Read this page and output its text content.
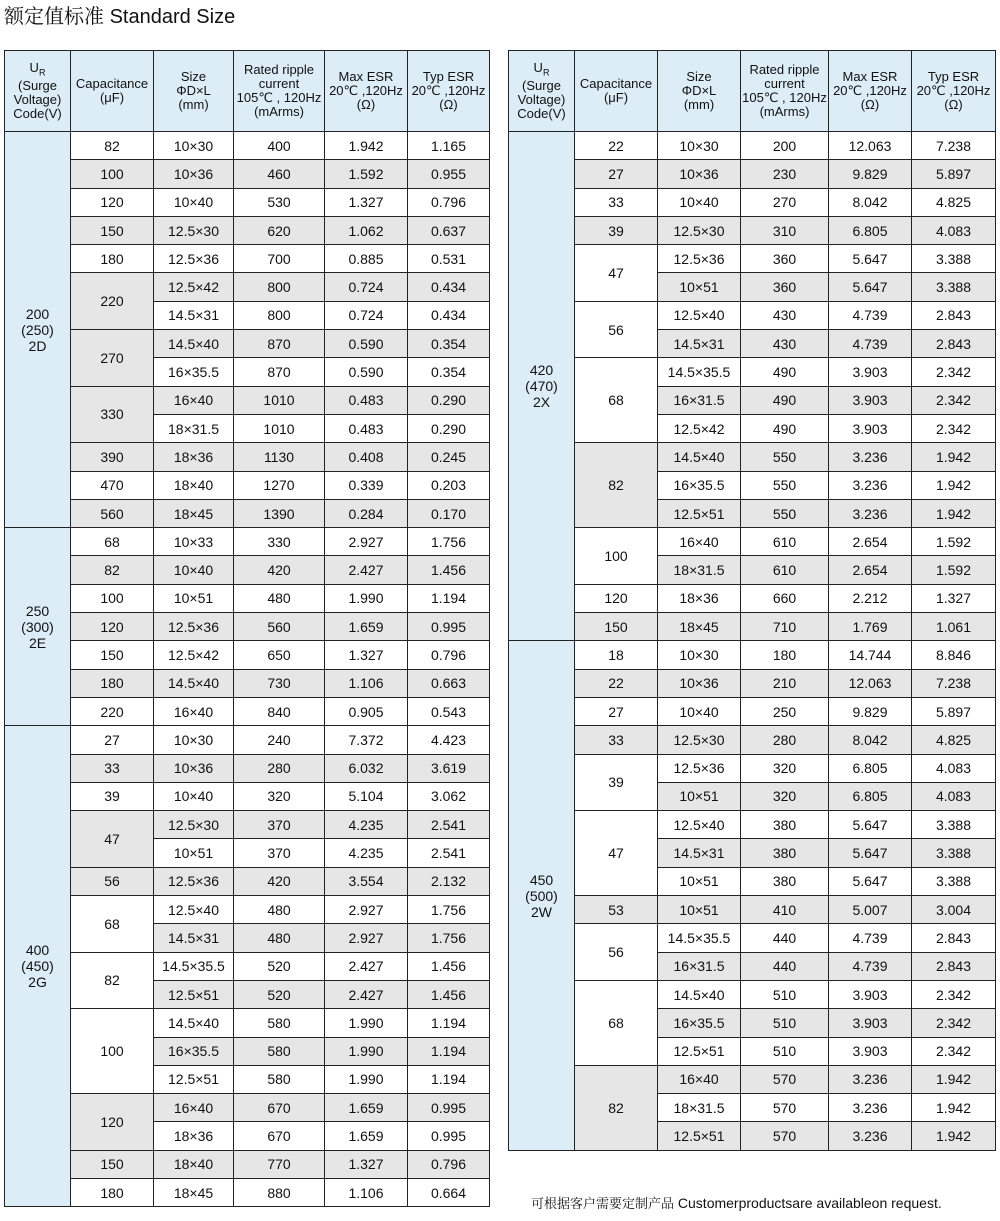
额定值标准 Standard Size
$U_R$
(Surge
Voltage)
Code(V)	Capacitance
(μF)	Size
ΦD×L
(mm)	Rated ripple
current
105℃ , 120Hz
(mArms)	Max ESR
20℃ ,120Hz
(Ω)	Typ ESR
20℃ ,120Hz
(Ω)
200
(250)
2D	82	10×30	400	1.942	1.165
	100	10×36	460	1.592	0.955
	120	10×40	530	1.327	0.796
	150	12.5×30	620	1.062	0.637
	180	12.5×36	700	0.885	0.531
	220	12.5×42	800	0.724	0.434
		14.5×31	800	0.724	0.434
	270	14.5×40	870	0.590	0.354
		16×35.5	870	0.590	0.354
	330	16×40	1010	0.483	0.290
		18×31.5	1010	0.483	0.290
	390	18×36	1130	0.408	0.245
	470	18×40	1270	0.339	0.203
	560	18×45	1390	0.284	0.170
250
(300)
2E	68	10×33	330	2.927	1.756
	82	10×40	420	2.427	1.456
	100	10×51	480	1.990	1.194
	120	12.5×36	560	1.659	0.995
	150	12.5×42	650	1.327	0.796
	180	14.5×40	730	1.106	0.663
	220	16×40	840	0.905	0.543
400
(450)
2G	27	10×30	240	7.372	4.423
	33	10×36	280	6.032	3.619
	39	10×40	320	5.104	3.062
	47	12.5×30	370	4.235	2.541
		10×51	370	4.235	2.541
	56	12.5×36	420	3.554	2.132
	68	12.5×40	480	2.927	1.756
		14.5×31	480	2.927	1.756
	82	14.5×35.5	520	2.427	1.456
		12.5×51	520	2.427	1.456
	100	14.5×40	580	1.990	1.194
		16×35.5	580	1.990	1.194
		12.5×51	580	1.990	1.194
	120	16×40	670	1.659	0.995
		18×36	670	1.659	0.995
	150	18×40	770	1.327	0.796
	180	18×45	880	1.106	0.664
$U_R$
(Surge
Voltage)
Code(V)	Capacitance
(μF)	Size
ΦD×L
(mm)	Rated ripple
current
105℃ , 120Hz
(mArms)	Max ESR
20℃ ,120Hz
(Ω)	Typ ESR
20℃ ,120Hz
(Ω)
420
(470)
2X	22	10×30	200	12.063	7.238
	27	10×36	230	9.829	5.897
	33	10×40	270	8.042	4.825
	39	12.5×30	310	6.805	4.083
	47	12.5×36	360	5.647	3.388
		10×51	360	5.647	3.388
	56	12.5×40	430	4.739	2.843
		14.5×31	430	4.739	2.843
	68	14.5×35.5	490	3.903	2.342
		16×31.5	490	3.903	2.342
		12.5×42	490	3.903	2.342
	82	14.5×40	550	3.236	1.942
		16×35.5	550	3.236	1.942
		12.5×51	550	3.236	1.942
	100	16×40	610	2.654	1.592
		18×31.5	610	2.654	1.592
	120	18×36	660	2.212	1.327
	150	18×45	710	1.769	1.061
450
(500)
2W	18	10×30	180	14.744	8.846
	22	10×36	210	12.063	7.238
	27	10×40	250	9.829	5.897
	33	12.5×30	280	8.042	4.825
	39	12.5×36	320	6.805	4.083
		10×51	320	6.805	4.083
	47	12.5×40	380	5.647	3.388
		14.5×31	380	5.647	3.388
		10×51	380	5.647	3.388
	53	10×51	410	5.007	3.004
	56	14.5×35.5	440	4.739	2.843
		16×31.5	440	4.739	2.843
	68	14.5×40	510	3.903	2.342
		16×35.5	510	3.903	2.342
		12.5×51	510	3.903	2.342
	82	16×40	570	3.236	1.942
		18×31.5	570	3.236	1.942
		12.5×51	570	3.236	1.942
可根据客户需要定制产品 Customerproductsare availableon request.
